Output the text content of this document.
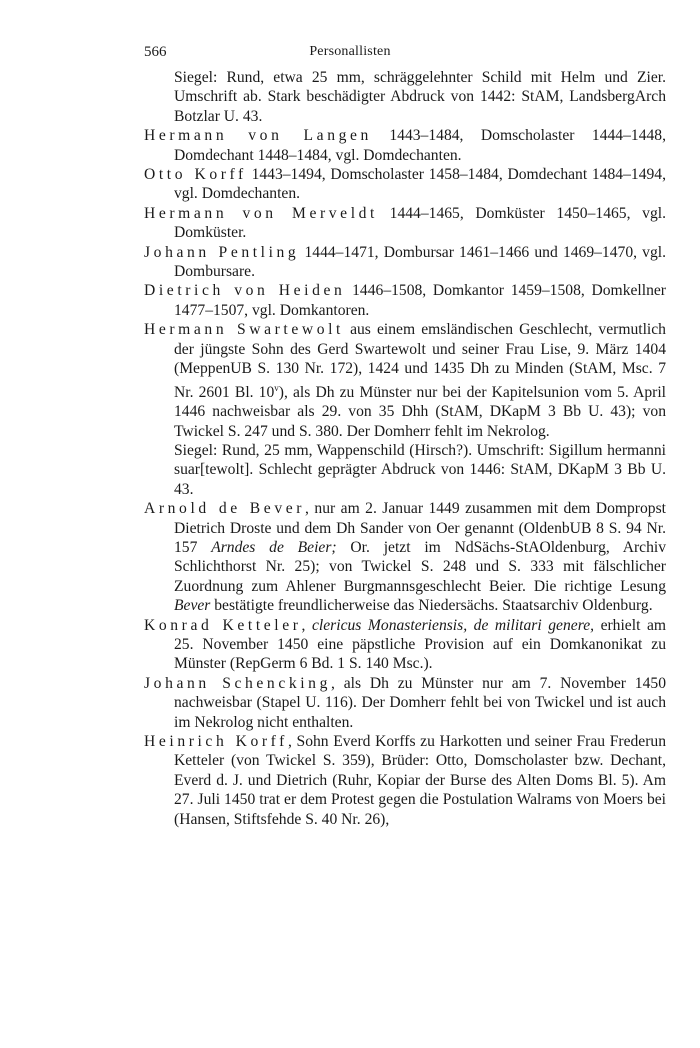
566	Personallisten

Siegel: Rund, etwa 25 mm, schräggelehnter Schild mit Helm und Zier. Umschrift ab. Stark beschädigter Abdruck von 1442: StAM, LandsbergArch Botzlar U. 43.

Hermann von Langen 1443–1484, Domscholaster 1444–1448, Domdechant 1448–1484, vgl. Domdechanten.

Otto Korff 1443–1494, Domscholaster 1458–1484, Domdechant 1484–1494, vgl. Domdechanten.

Hermann von Merveldt 1444–1465, Domküster 1450–1465, vgl. Domküster.

Johann Pentling 1444–1471, Dombursar 1461–1466 und 1469–1470, vgl. Dombursare.

Dietrich von Heiden 1446–1508, Domkantor 1459–1508, Domkellner 1477–1507, vgl. Domkantoren.

Hermann Swartewolt aus einem emsländischen Geschlecht, vermutlich der jüngste Sohn des Gerd Swartewolt und seiner Frau Lise, 9. März 1404 (MeppenUB S. 130 Nr. 172), 1424 und 1435 Dh zu Minden (StAM, Msc. 7 Nr. 2601 Bl. 10$^v$), als Dh zu Münster nur bei der Kapitelsunion vom 5. April 1446 nachweisbar als 29. von 35 Dhh (StAM, DKapM 3 Bb U. 43); von Twickel S. 247 und S. 380. Der Domherr fehlt im Nekrolog.

Siegel: Rund, 25 mm, Wappenschild (Hirsch?). Umschrift: Sigillum hermanni suar[tewolt]. Schlecht geprägter Abdruck von 1446: StAM, DKapM 3 Bb U. 43.

Arnold de Bever, nur am 2. Januar 1449 zusammen mit dem Dompropst Dietrich Droste und dem Dh Sander von Oer genannt (OldenbUB 8 S. 94 Nr. 157 Arndes de Beier; Or. jetzt im NdSächs-StAOldenburg, Archiv Schlichthorst Nr. 25); von Twickel S. 248 und S. 333 mit fälschlicher Zuordnung zum Ahlener Burgmannsgeschlecht Beier. Die richtige Lesung Bever bestätigte freundlicherweise das Niedersächs. Staatsarchiv Oldenburg.

Konrad Ketteler, clericus Monasteriensis, de militari genere, erhielt am 25. November 1450 eine päpstliche Provision auf ein Domkanonikat zu Münster (RepGerm 6 Bd. 1 S. 140 Msc.).

Johann Schencking, als Dh zu Münster nur am 7. November 1450 nachweisbar (Stapel U. 116). Der Domherr fehlt bei von Twickel und ist auch im Nekrolog nicht enthalten.

Heinrich Korff, Sohn Everd Korffs zu Harkotten und seiner Frau Frederun Ketteler (von Twickel S. 359), Brüder: Otto, Domscholaster bzw. Dechant, Everd d. J. und Dietrich (Ruhr, Kopiar der Burse des Alten Doms Bl. 5). Am 27. Juli 1450 trat er dem Protest gegen die Postulation Walrams von Moers bei (Hansen, Stiftsfehde S. 40 Nr. 26),
